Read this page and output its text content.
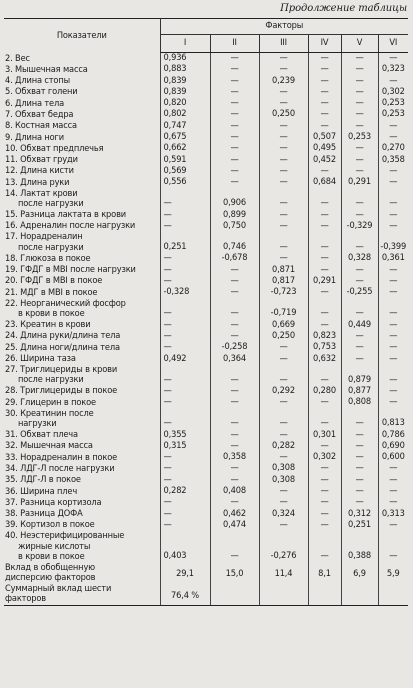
Продолжение таблицы
Показатели	Факторы					
	I	II	III	IV	V	VI

2. Вес	0,936	—	—	—	—	—

3. Мышечная масса	0,883	—	—	—	—	0,323

4. Длина стопы	0,839	—	0,239	—	—	—

5. Обхват голени	0,839	—	—	—	—	0,302

6. Длина тела	0,820	—	—	—	—	0,253

7. Обхват бедра	0,802	—	0,250	—	—	0,253

8. Костная масса	0,747	—	—	—	—	—

9. Длина ноги	0,675	—	—	0,507	0,253	—

10. Обхват предплечья	0,662	—	—	0,495	—	0,270

11. Обхват груди	0,591	—	—	0,452	—	0,358

12. Длина кисти	0,569	—	—	—	—	—

13. Длина руки	0,556	—	—	0,684	0,291	—

14. Лактат крови
после нагрузки	—	0,906	—	—	—	—

15. Разница лактата в крови	—	0,899	—	—	—	—

16. Адреналин после нагрузки	—	0,750	—	—	-0,329	—

17. Норадреналин
после нагрузки	0,251	0,746	—	—	—	-0,399

18. Глюкоза в покое	—	-0,678	—	—	0,328	0,361

19. ГФДГ в MBI после нагрузки	—	—	0,871	—	—	—

20. ГФДГ в MBI в покое	—	—	0,817	0,291	—	—

21. МДГ в MBI в покое	-0,328	—	-0,723	—	-0,255	—

22. Неорганический фосфор
в крови в покое	—	—	-0,719	—	—	—

23. Креатин в крови	—	—	0,669	—	0,449	—

24. Длина руки/длина тела	—	—	0,250	0,823	—	—

25. Длина ноги/длина тела	—	-0,258	—	0,753	—	—

26. Ширина таза	0,492	0,364	—	0,632	—	—

27. Триглицериды в крови
после нагрузки	—	—	—	—	0,879	—

28. Триглицериды в покое	—	—	0,292	0,280	0,877	—

29. Глицерин в покое	—	—	—	—	0,808	—

30. Креатинин после
нагрузки	—	—	—	—	—	0,813

31. Обхват плеча	0,355	—	—	0,301	—	0,786

32. Мышечная масса	0,315	—	0,282	—	—	0,690

33. Норадреналин в покое	—	0,358	—	0,302	—	0,600

34. ЛДГ-Л после нагрузки	—	—	0,308	—	—	—

35. ЛДГ-Л в покое	—	—	0,308	—	—	—

36. Ширина плеч	0,282	0,408	—	—	—	—

37. Разница кортизола	—	—	—	—	—	—

38. Разница ДОФА	—	0,462	0,324	—	0,312	0,313

39. Кортизол в покое	—	0,474	—	—	0,251	—

40. Неэстерифицированные
жирные кислоты
в крови в покое	0,403	—	-0,276	—	0,388	—

Вклад в обобщенную
дисперсию факторов	29,1	15,0	11,4	8,1	6,9	5,9

Суммарный вклад шести
факторов	76,4 %					
